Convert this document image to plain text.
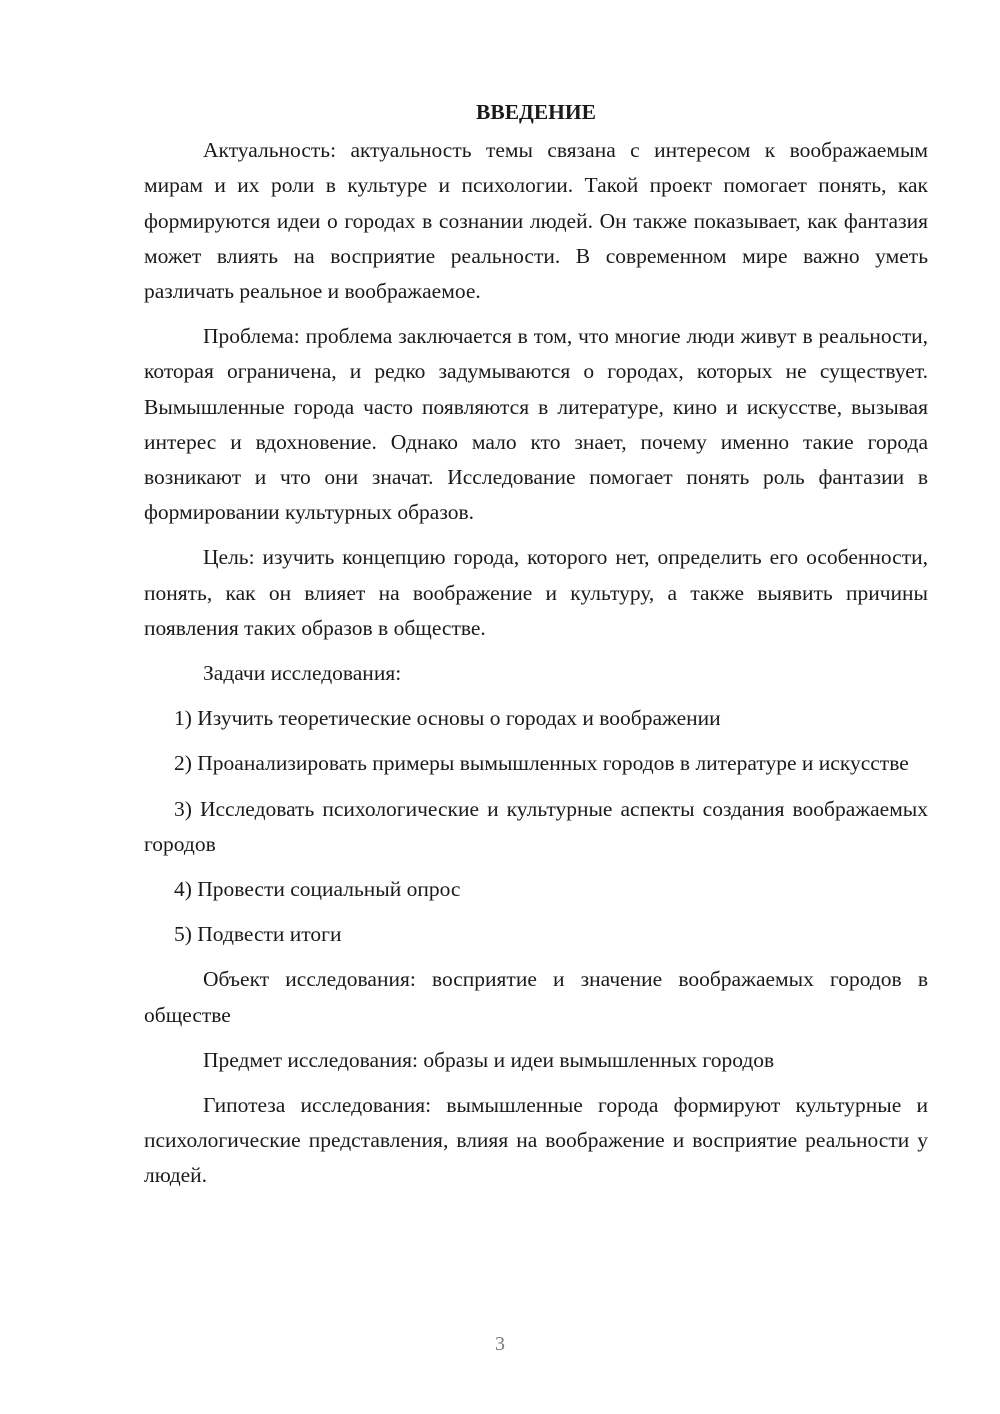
ВВЕДЕНИЕ

Актуальность: актуальность темы связана с интересом к воображаемым мирам и их роли в культуре и психологии. Такой проект помогает понять, как формируются идеи о городах в сознании людей. Он также показывает, как фантазия может влиять на восприятие реальности. В современном мире важно уметь различать реальное и воображаемое.

Проблема: проблема заключается в том, что многие люди живут в реальности, которая ограничена, и редко задумываются о городах, которых не существует. Вымышленные города часто появляются в литературе, кино и искусстве, вызывая интерес и вдохновение. Однако мало кто знает, почему именно такие города возникают и что они значат. Исследование помогает понять роль фантазии в формировании культурных образов.

Цель: изучить концепцию города, которого нет, определить его особенности, понять, как он влияет на воображение и культуру, а также выявить причины появления таких образов в обществе.

Задачи исследования:

1) Изучить теоретические основы о городах и воображении

2) Проанализировать примеры вымышленных городов в литературе и искусстве

3) Исследовать психологические и культурные аспекты создания воображаемых городов

4) Провести социальный опрос

5) Подвести итоги

Объект исследования: восприятие и значение воображаемых городов в обществе

Предмет исследования: образы и идеи вымышленных городов

Гипотеза исследования: вымышленные города формируют культурные и психологические представления, влияя на воображение и восприятие реальности у людей.

3
